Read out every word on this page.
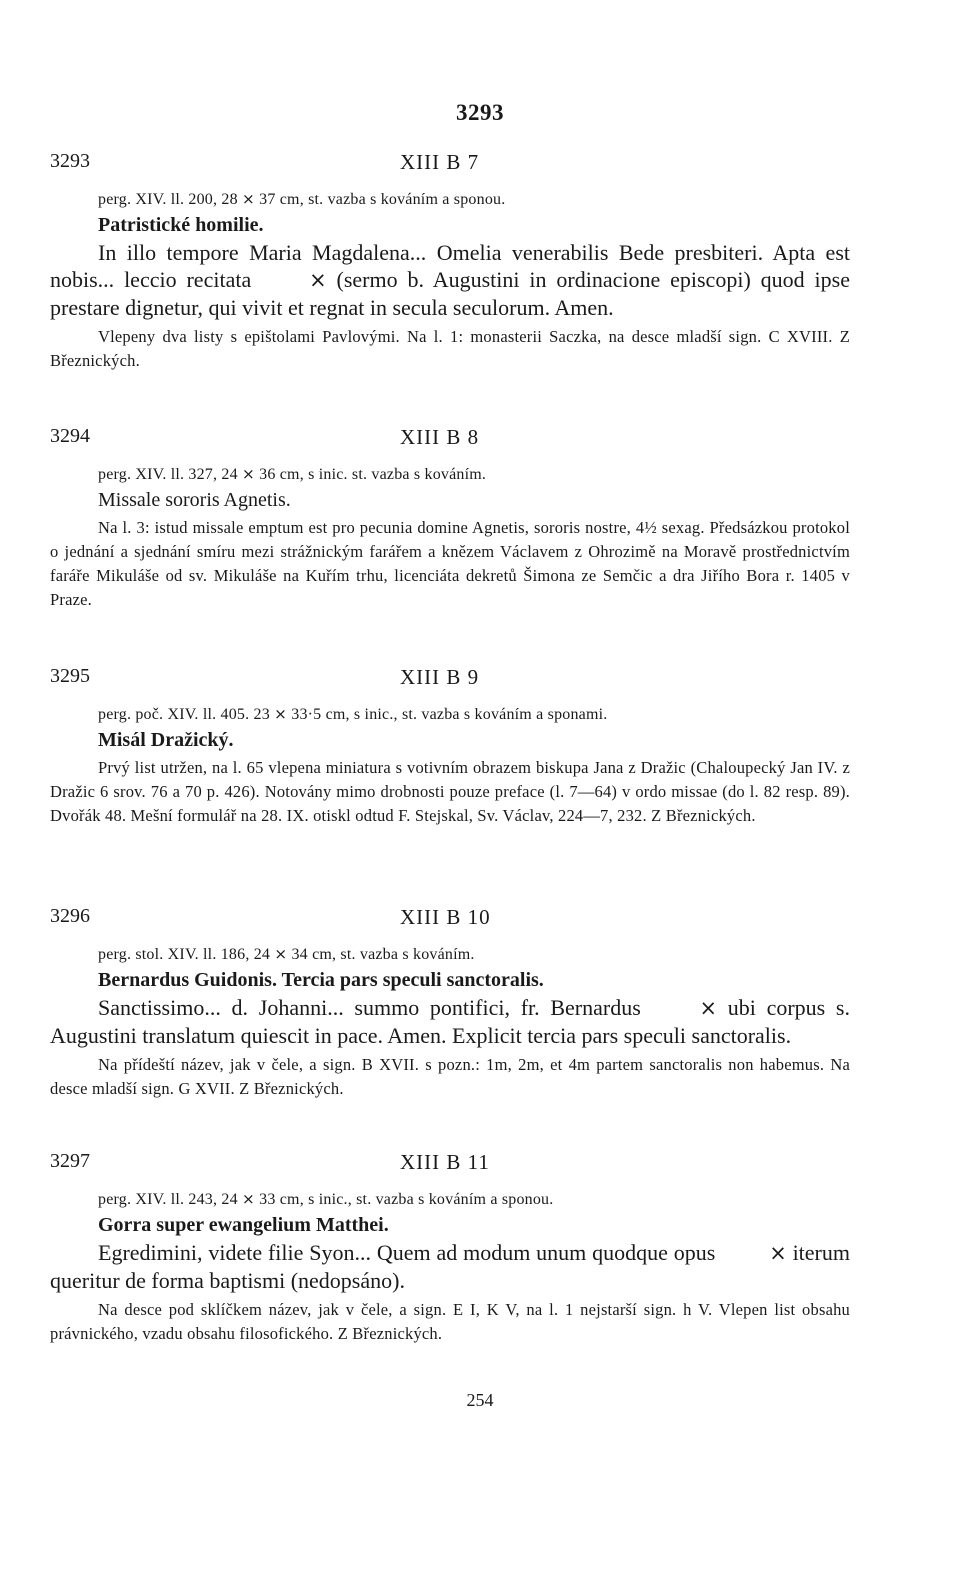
3293
3293	XIII B 7
perg. XIV. ll. 200, 28 × 37 cm, st. vazba s kováním a sponou.
Patristické homilie.
In illo tempore Maria Magdalena... Omelia venerabilis Bede presbiteri. Apta est nobis... leccio recitata × (sermo b. Augustini in ordinacione episcopi) quod ipse prestare dignetur, qui vivit et regnat in secula seculorum. Amen.
Vlepeny dva listy s epištolami Pavlovými. Na l. 1: monasterii Saczka, na desce mladší sign. C XVIII. Z Březnických.
3294	XIII B 8
perg. XIV. ll. 327, 24 × 36 cm, s inic. st. vazba s kováním.
Missale sororis Agnetis.
Na l. 3: istud missale emptum est pro pecunia domine Agnetis, sororis nostre, 4½ sexag. Předsázkou protokol o jednání a sjednání smíru mezi strážnickým farářem a knězem Václavem z Ohrozimě na Moravě prostřednictvím faráře Mikuláše od sv. Mikuláše na Kuřím trhu, licenciáta dekretů Šimona ze Semčic a dra Jiřího Bora r. 1405 v Praze.
3295	XIII B 9
perg. poč. XIV. ll. 405. 23 × 33·5 cm, s inic., st. vazba s kováním a sponami.
Misál Dražický.
Prvý list utržen, na l. 65 vlepena miniatura s votivním obrazem biskupa Jana z Dražic (Chaloupecký Jan IV. z Dražic 6 srov. 76 a 70 p. 426). Notovány mimo drobnosti pouze preface (l. 7—64) v ordo missae (do l. 82 resp. 89). Dvořák 48. Mešní formulář na 28. IX. otiskl odtud F. Stejskal, Sv. Václav, 224—7, 232. Z Březnických.
3296	XIII B 10
perg. stol. XIV. ll. 186, 24 × 34 cm, st. vazba s kováním.
Bernardus Guidonis. Tercia pars speculi sanctoralis.
Sanctissimo... d. Johanni... summo pontifici, fr. Bernardus × ubi corpus s. Augustini translatum quiescit in pace. Amen. Explicit tercia pars speculi sanctoralis.
Na přídeští název, jak v čele, a sign. B XVII. s pozn.: 1m, 2m, et 4m partem sanctoralis non habemus. Na desce mladší sign. G XVII. Z Březnických.
3297	XIII B 11
perg. XIV. ll. 243, 24 × 33 cm, s inic., st. vazba s kováním a sponou.
Gorra super ewangelium Matthei.
Egredimini, videte filie Syon... Quem ad modum unum quodque opus × iterum queritur de forma baptismi (nedopsáno).
Na desce pod sklíčkem název, jak v čele, a sign. E I, K V, na l. 1 nejstarší sign. h V. Vlepen list obsahu právnického, vzadu obsahu filosofického. Z Březnických.
254
